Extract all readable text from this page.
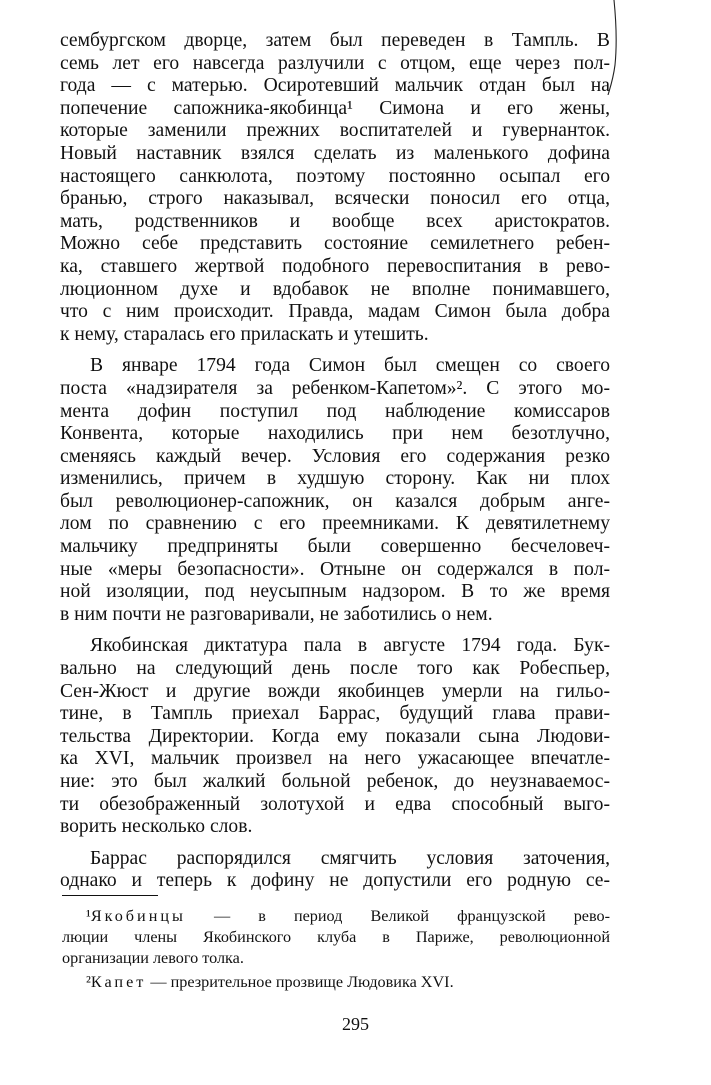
сембургском дворце, затем был переведен в Тампль. В
семь лет его навсегда разлучили с отцом, еще через пол-
года — с матерью. Осиротевший мальчик отдан был на
попечение сапожника-якобинца¹ Симона и его жены,
которые заменили прежних воспитателей и гувернанток.
Новый наставник взялся сделать из маленького дофина
настоящего санкюлота, поэтому постоянно осыпал его
бранью, строго наказывал, всячески поносил его отца,
мать, родственников и вообще всех аристократов.
Можно себе представить состояние семилетнего ребен-
ка, ставшего жертвой подобного перевоспитания в рево-
люционном духе и вдобавок не вполне понимавшего,
что с ним происходит. Правда, мадам Симон была добра
к нему, старалась его приласкать и утешить.
В январе 1794 года Симон был смещен со своего
поста «надзирателя за ребенком-Капетом»². С этого мо-
мента дофин поступил под наблюдение комиссаров
Конвента, которые находились при нем безотлучно,
сменяясь каждый вечер. Условия его содержания резко
изменились, причем в худшую сторону. Как ни плох
был революционер-сапожник, он казался добрым анге-
лом по сравнению с его преемниками. К девятилетнему
мальчику предприняты были совершенно бесчеловеч-
ные «меры безопасности». Отныне он содержался в пол-
ной изоляции, под неусыпным надзором. В то же время
в ним почти не разговаривали, не заботились о нем.
Якобинская диктатура пала в августе 1794 года. Бук-
вально на следующий день после того как Робеспьер,
Сен-Жюст и другие вожди якобинцев умерли на гильо-
тине, в Тампль приехал Баррас, будущий глава прави-
тельства Директории. Когда ему показали сына Людови-
ка XVI, мальчик произвел на него ужасающее впечатле-
ние: это был жалкий больной ребенок, до неузнаваемос-
ти обезображенный золотухой и едва способный выго-
ворить несколько слов.
Баррас распорядился смягчить условия заточения,
однако и теперь к дофину не допустили его родную се-
¹Якобинцы — в период Великой французской рево-
люции члены Якобинского клуба в Париже, революционной
организации левого толка.
²Капет — презрительное прозвище Людовика XVI.
295
